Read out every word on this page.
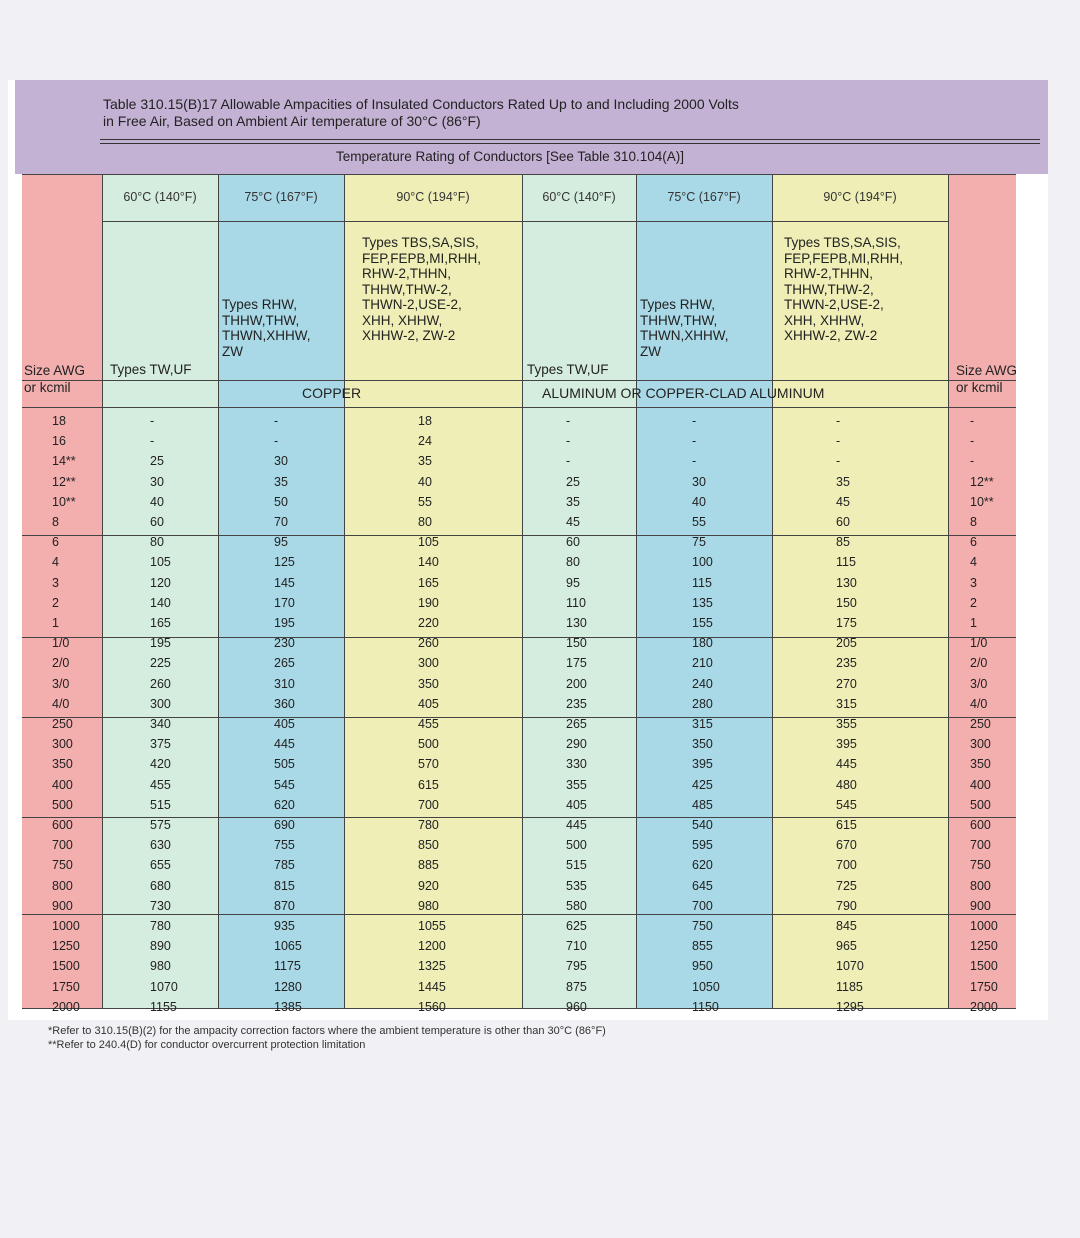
Table 310.15(B)17 Allowable Ampacities of Insulated Conductors Rated Up to and Including 2000 Volts
in Free Air, Based on Ambient Air temperature of 30°C (86°F)
Temperature Rating of Conductors [See Table 310.104(A)]
60°C (140°F)	75°C (167°F)	90°C (194°F)	60°C (140°F)	75°C (167°F)	90°C (194°F)
Types TW,UF
Types RHW,
THHW,THW,
THWN,XHHW,
ZW
Types TBS,SA,SIS,
FEP,FEPB,MI,RHH,
RHW-2,THHN,
THHW,THW-2,
THWN-2,USE-2,
XHH, XHHW,
XHHW-2, ZW-2
Types TW,UF
Types RHW,
THHW,THW,
THWN,XHHW,
ZW
Types TBS,SA,SIS,
FEP,FEPB,MI,RHH,
RHW-2,THHN,
THHW,THW-2,
THWN-2,USE-2,
XHH, XHHW,
XHHW-2, ZW-2
Size AWG
or kcmil
Size AWG
or kcmil
COPPER	ALUMINUM OR COPPER-CLAD ALUMINUM
18	-	-	18	-	-	-	-
16	-	-	24	-	-	-	-
14**	25	30	35	-	-	-	-
12**	30	35	40	25	30	35	12**
10**	40	50	55	35	40	45	10**
8	60	70	80	45	55	60	8
6	80	95	105	60	75	85	6
4	105	125	140	80	100	115	4
3	120	145	165	95	115	130	3
2	140	170	190	110	135	150	2
1	165	195	220	130	155	175	1
1/0	195	230	260	150	180	205	1/0
2/0	225	265	300	175	210	235	2/0
3/0	260	310	350	200	240	270	3/0
4/0	300	360	405	235	280	315	4/0
250	340	405	455	265	315	355	250
300	375	445	500	290	350	395	300
350	420	505	570	330	395	445	350
400	455	545	615	355	425	480	400
500	515	620	700	405	485	545	500
600	575	690	780	445	540	615	600
700	630	755	850	500	595	670	700
750	655	785	885	515	620	700	750
800	680	815	920	535	645	725	800
900	730	870	980	580	700	790	900
1000	780	935	1055	625	750	845	1000
1250	890	1065	1200	710	855	965	1250
1500	980	1175	1325	795	950	1070	1500
1750	1070	1280	1445	875	1050	1185	1750
2000	1155	1385	1560	960	1150	1295	2000
*Refer to 310.15(B)(2) for the ampacity correction factors where the ambient temperature is other than 30°C (86°F)
**Refer to 240.4(D) for conductor overcurrent protection limitation
